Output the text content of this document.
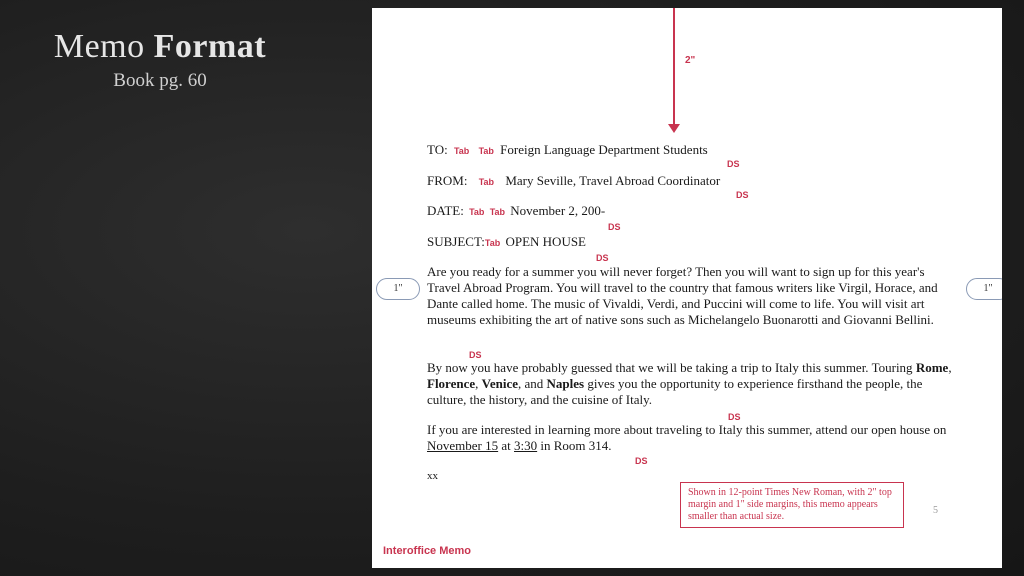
Memo Format
Book pg. 60
2"
1"	1"
TO: Tab Tab Foreign Language Department Students
DS
FROM: Tab Mary Seville, Travel Abroad Coordinator
DS
DATE: Tab Tab November 2, 200-
DS
SUBJECT:Tab OPEN HOUSE
DS

Are you ready for a summer you will never forget? Then you will want to sign up for this year's Travel Abroad Program. You will travel to the country that famous writers like Virgil, Horace, and Dante called home. The music of Vivaldi, Verdi, and Puccini will come to life. You will visit art museums exhibiting the art of native sons such as Michelangelo Buonarotti and Giovanni Bellini.

DS

By now you have probably guessed that we will be taking a trip to Italy this summer. Touring Rome, Florence, Venice, and Naples gives you the opportunity to experience firsthand the people, the culture, the history, and the cuisine of Italy.

DS

If you are interested in learning more about traveling to Italy this summer, attend our open house on November 15 at 3:30 in Room 314.

DS
xx
Shown in 12-point Times New Roman, with 2" top margin and 1" side margins, this memo appears smaller than actual size.
5
Interoffice Memo
